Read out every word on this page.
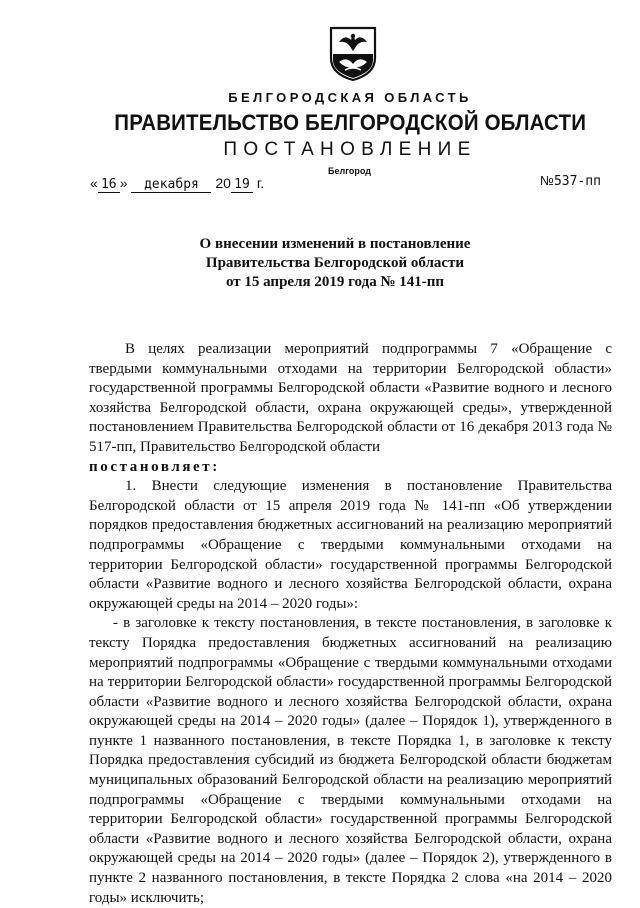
БЕЛГОРОДСКАЯ ОБЛАСТЬ
ПРАВИТЕЛЬСТВО БЕЛГОРОДСКОЙ ОБЛАСТИ
ПОСТАНОВЛЕНИЕ
Белгород
« 16 » декабря 20 19 г.	№537-пп
О внесении изменений в постановление
Правительства Белгородской области
от 15 апреля 2019 года № 141-пп

В целях реализации мероприятий подпрограммы 7 «Обращение с твердыми коммунальными отходами на территории Белгородской области» государственной программы Белгородской области «Развитие водного и лесного хозяйства Белгородской области, охрана окружающей среды», утвержденной постановлением Правительства Белгородской области от 16 декабря 2013 года № 517-пп, Правительство Белгородской области

постановляет:

1. Внести следующие изменения в постановление Правительства Белгородской области от 15 апреля 2019 года № 141-пп «Об утверждении порядков предоставления бюджетных ассигнований на реализацию мероприятий подпрограммы «Обращение с твердыми коммунальными отходами на территории Белгородской области» государственной программы Белгородской области «Развитие водного и лесного хозяйства Белгородской области, охрана окружающей среды на 2014 – 2020 годы»:

- в заголовке к тексту постановления, в тексте постановления, в заголовке к тексту Порядка предоставления бюджетных ассигнований на реализацию мероприятий подпрограммы «Обращение с твердыми коммунальными отходами на территории Белгородской области» государственной программы Белгородской области «Развитие водного и лесного хозяйства Белгородской области, охрана окружающей среды на 2014 – 2020 годы» (далее – Порядок 1), утвержденного в пункте 1 названного постановления, в тексте Порядка 1, в заголовке к тексту Порядка предоставления субсидий из бюджета Белгородской области бюджетам муниципальных образований Белгородской области на реализацию мероприятий подпрограммы «Обращение с твердыми коммунальными отходами на территории Белгородской области» государственной программы Белгородской области «Развитие водного и лесного хозяйства Белгородской области, охрана окружающей среды на 2014 – 2020 годы» (далее – Порядок 2), утвержденного в пункте 2 названного постановления, в тексте Порядка 2 слова «на 2014 – 2020 годы» исключить;
